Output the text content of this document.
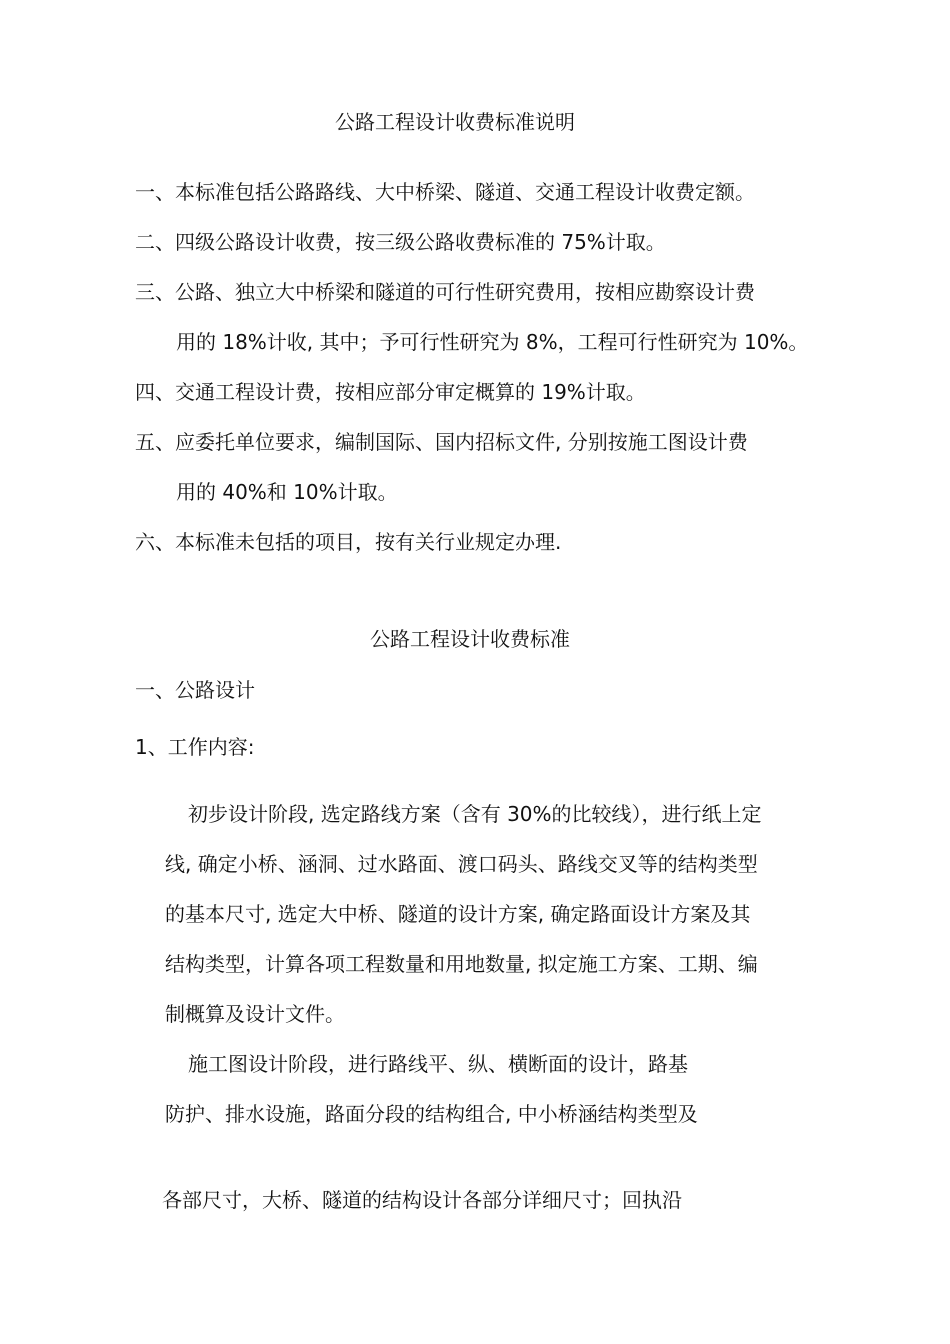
公路工程设计收费标准说明
一、本标准包括公路路线、大中桥梁、隧道、交通工程设计收费定额。
二、四级公路设计收费，按三级公路收费标准的 75%计取。
三、公路、独立大中桥梁和隧道的可行性研究费用，按相应勘察设计费
用的 18%计收, 其中；予可行性研究为 8%，工程可行性研究为 10%。
四、交通工程设计费，按相应部分审定概算的 19%计取。
五、应委托单位要求，编制国际、国内招标文件, 分别按施工图设计费
用的 40%和 10%计取。
六、本标准未包括的项目，按有关行业规定办理.
公路工程设计收费标准
一、公路设计
1、工作内容:
初步设计阶段, 选定路线方案（含有 30%的比较线），进行纸上定
线, 确定小桥、涵洞、过水路面、渡口码头、路线交叉等的结构类型
的基本尺寸, 选定大中桥、隧道的设计方案, 确定路面设计方案及其
结构类型，计算各项工程数量和用地数量, 拟定施工方案、工期、编
制概算及设计文件。
施工图设计阶段，进行路线平、纵、横断面的设计，路基
防护、排水设施，路面分段的结构组合, 中小桥涵结构类型及
各部尺寸，大桥、隧道的结构设计各部分详细尺寸；回执沿
